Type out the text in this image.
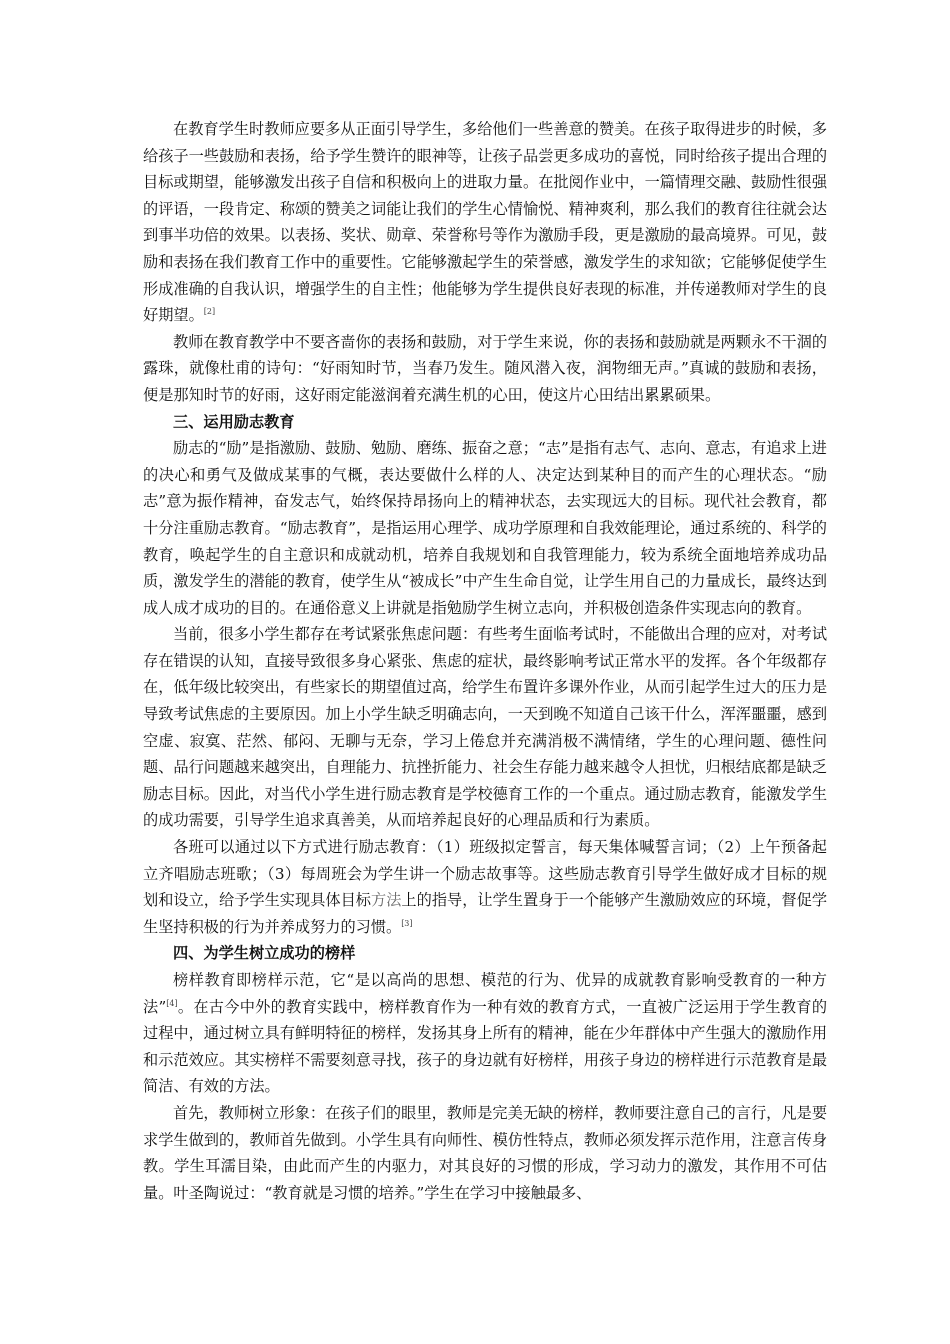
在教育学生时教师应要多从正面引导学生，多给他们一些善意的赞美。在孩子取得进步的时候，多给孩子一些鼓励和表扬，给予学生赞许的眼神等，让孩子品尝更多成功的喜悦，同时给孩子提出合理的目标或期望，能够激发出孩子自信和积极向上的进取力量。在批阅作业中，一篇情理交融、鼓励性很强的评语，一段肯定、称颂的赞美之词能让我们的学生心情愉悦、精神爽利，那么我们的教育往往就会达到事半功倍的效果。以表扬、奖状、勋章、荣誉称号等作为激励手段，更是激励的最高境界。可见，鼓励和表扬在我们教育工作中的重要性。它能够激起学生的荣誉感，激发学生的求知欲；它能够促使学生形成准确的自我认识，增强学生的自主性；他能够为学生提供良好表现的标准，并传递教师对学生的良好期望。[2]

教师在教育教学中不要吝啬你的表扬和鼓励，对于学生来说，你的表扬和鼓励就是两颗永不干涸的露珠，就像杜甫的诗句：“好雨知时节，当春乃发生。随风潜入夜，润物细无声。”真诚的鼓励和表扬，便是那知时节的好雨，这好雨定能滋润着充满生机的心田，使这片心田结出累累硕果。

三、运用励志教育

励志的“励”是指激励、鼓励、勉励、磨练、振奋之意；“志”是指有志气、志向、意志，有追求上进的决心和勇气及做成某事的气概，表达要做什么样的人、决定达到某种目的而产生的心理状态。“励志”意为振作精神，奋发志气，始终保持昂扬向上的精神状态，去实现远大的目标。现代社会教育，都十分注重励志教育。“励志教育”，是指运用心理学、成功学原理和自我效能理论，通过系统的、科学的教育，唤起学生的自主意识和成就动机，培养自我规划和自我管理能力，较为系统全面地培养成功品质，激发学生的潜能的教育，使学生从“被成长”中产生生命自觉，让学生用自己的力量成长，最终达到成人成才成功的目的。在通俗意义上讲就是指勉励学生树立志向，并积极创造条件实现志向的教育。

当前，很多小学生都存在考试紧张焦虑问题：有些考生面临考试时，不能做出合理的应对，对考试存在错误的认知，直接导致很多身心紧张、焦虑的症状，最终影响考试正常水平的发挥。各个年级都存在，低年级比较突出，有些家长的期望值过高，给学生布置许多课外作业，从而引起学生过大的压力是导致考试焦虑的主要原因。加上小学生缺乏明确志向，一天到晚不知道自己该干什么，浑浑噩噩，感到空虚、寂寞、茫然、郁闷、无聊与无奈，学习上倦怠并充满消极不满情绪，学生的心理问题、德性问题、品行问题越来越突出，自理能力、抗挫折能力、社会生存能力越来越令人担忧，归根结底都是缺乏励志目标。因此，对当代小学生进行励志教育是学校德育工作的一个重点。通过励志教育，能激发学生的成功需要，引导学生追求真善美，从而培养起良好的心理品质和行为素质。

各班可以通过以下方式进行励志教育：（1）班级拟定誓言，每天集体喊誓言词；（2）上午预备起立齐唱励志班歌；（3）每周班会为学生讲一个励志故事等。这些励志教育引导学生做好成才目标的规划和设立，给予学生实现具体目标方法上的指导，让学生置身于一个能够产生激励效应的环境，督促学生坚持积极的行为并养成努力的习惯。[3]

四、为学生树立成功的榜样

榜样教育即榜样示范，它“是以高尚的思想、模范的行为、优异的成就教育影响受教育的一种方法”[4]。在古今中外的教育实践中，榜样教育作为一种有效的教育方式，一直被广泛运用于学生教育的过程中，通过树立具有鲜明特征的榜样，发扬其身上所有的精神，能在少年群体中产生强大的激励作用和示范效应。其实榜样不需要刻意寻找，孩子的身边就有好榜样，用孩子身边的榜样进行示范教育是最简洁、有效的方法。

首先，教师树立形象：在孩子们的眼里，教师是完美无缺的榜样，教师要注意自己的言行，凡是要求学生做到的，教师首先做到。小学生具有向师性、模仿性特点，教师必须发挥示范作用，注意言传身教。学生耳濡目染，由此而产生的内驱力，对其良好的习惯的形成，学习动力的激发，其作用不可估量。叶圣陶说过：“教育就是习惯的培养。”学生在学习中接触最多、
